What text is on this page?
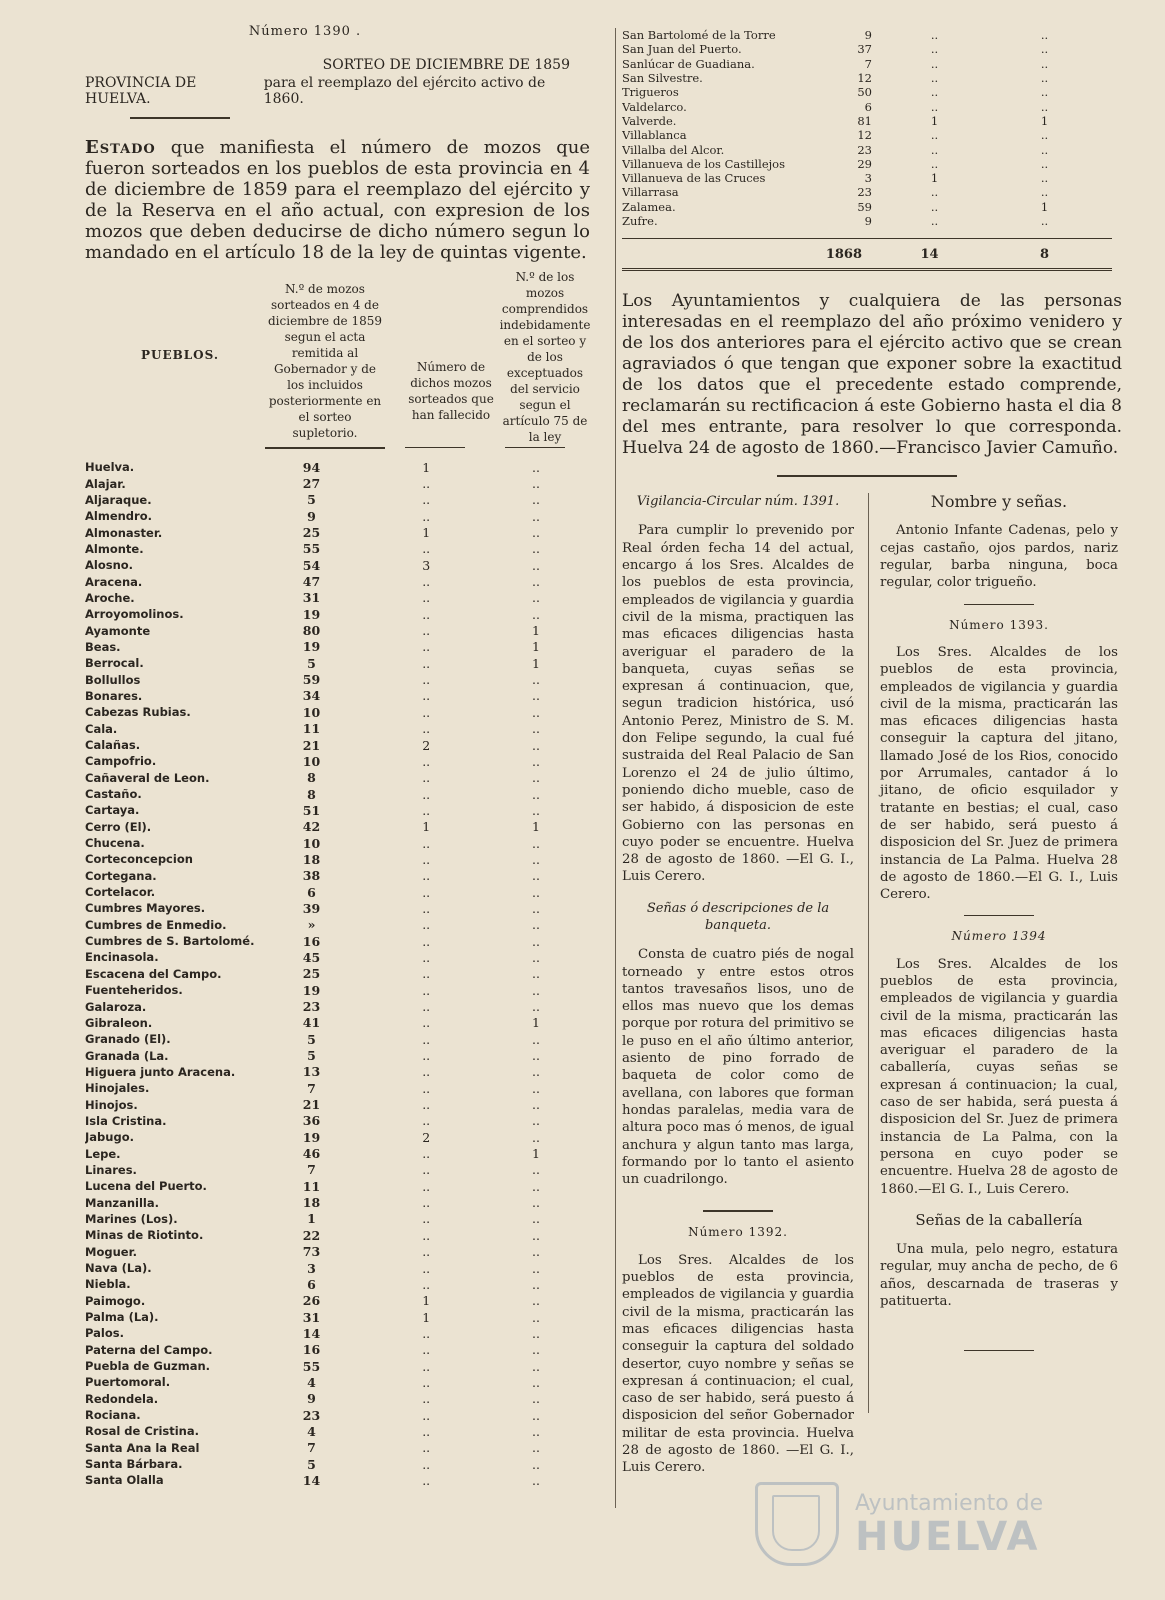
Número 1390 .
SORTEO DE DICIEMBRE DE 1859
PROVINCIA DE HUELVA.
para el reemplazo del ejército activo de 1860.
Estado que manifiesta el número de mozos que fueron sorteados en los pueblos de esta provincia en 4 de diciembre de 1859 para el reemplazo del ejército y de la Reserva en el año actual, con expresion de los mozos que deben deducirse de dicho número segun lo mandado en el artículo 18 de la ley de quintas vigente.
PUEBLOS.
N.º de mozos sorteados en 4 de diciembre de 1859 segun el acta remitida al Gobernador y de los incluidos posteriormente en el sorteo supletorio.
Número de dichos mozos sorteados que han fallecido
N.º de los mozos comprendidos indebidamente en el sorteo y de los exceptuados del servicio segun el artículo 75 de la ley
Huelva.	94	1	..
Alajar.	27	..	..
Aljaraque.	5	..	..
Almendro.	9	..	..
Almonaster.	25	1	..
Almonte.	55	..	..
Alosno.	54	3	..
Aracena.	47	..	..
Aroche.	31	..	..
Arroyomolinos.	19	..	..
Ayamonte	80	..	1
Beas.	19	..	1
Berrocal.	5	..	1
Bollullos	59	..	..
Bonares.	34	..	..
Cabezas Rubias.	10	..	..
Cala.	11	..	..
Calañas.	21	2	..
Campofrio.	10	..	..
Cañaveral de Leon.	8	..	..
Castaño.	8	..	..
Cartaya.	51	..	..
Cerro (El).	42	1	1
Chucena.	10	..	..
Corteconcepcion	18	..	..
Cortegana.	38	..	..
Cortelacor.	6	..	..
Cumbres Mayores.	39	..	..
Cumbres de Enmedio.	»	..	..
Cumbres de S. Bartolomé.	16	..	..
Encinasola.	45	..	..
Escacena del Campo.	25	..	..
Fuenteheridos.	19	..	..
Galaroza.	23	..	..
Gibraleon.	41	..	1
Granado (El).	5	..	..
Granada (La.	5	..	..
Higuera junto Aracena.	13	..	..
Hinojales.	7	..	..
Hinojos.	21	..	..
Isla Cristina.	36	..	..
Jabugo.	19	2	..
Lepe.	46	..	1
Linares.	7	..	..
Lucena del Puerto.	11	..	..
Manzanilla.	18	..	..
Marines (Los).	1	..	..
Minas de Riotinto.	22	..	..
Moguer.	73	..	..
Nava (La).	3	..	..
Niebla.	6	..	..
Paimogo.	26	1	..
Palma (La).	31	1	..
Palos.	14	..	..
Paterna del Campo.	16	..	..
Puebla de Guzman.	55	..	..
Puertomoral.	4	..	..
Redondela.	9	..	..
Rociana.	23	..	..
Rosal de Cristina.	4	..	..
Santa Ana la Real	7	..	..
Santa Bárbara.	5	..	..
Santa Olalla	14	..	..
San Bartolomé de la Torre	9	..	..
San Juan del Puerto.	37	..	..
Sanlúcar de Guadiana.	7	..	..
San Silvestre.	12	..	..
Trigueros	50	..	..
Valdelarco.	6	..	..
Valverde.	81	1	1
Villablanca	12	..	..
Villalba del Alcor.	23	..	..
Villanueva de los Castillejos	29	..	..
Villanueva de las Cruces	3	1	..
Villarrasa	23	..	..
Zalamea.	59	..	1
Zufre.	9	..	..
1868	14	8
Los Ayuntamientos y cualquiera de las personas interesadas en el reemplazo del año próximo venidero y de los dos anteriores para el ejército activo que se crean agraviados ó que tengan que exponer sobre la exactitud de los datos que el precedente estado comprende, reclamarán su rectificacion á este Gobierno hasta el dia 8 del mes entrante, para resolver lo que corresponda. Huelva 24 de agosto de 1860.—Francisco Javier Camuño.
Vigilancia-Circular núm. 1391.

Para cumplir lo prevenido por Real órden fecha 14 del actual, encargo á los Sres. Alcaldes de los pueblos de esta provincia, empleados de vigilancia y guardia civil de la misma, practiquen las mas eficaces diligencias hasta averiguar el paradero de la banqueta, cuyas señas se expresan á continuacion, que, segun tradicion histórica, usó Antonio Perez, Ministro de S. M. don Felipe segundo, la cual fué sustraida del Real Palacio de San Lorenzo el 24 de julio último, poniendo dicho mueble, caso de ser habido, á disposicion de este Gobierno con las personas en cuyo poder se encuentre. Huelva 28 de agosto de 1860. —El G. I., Luis Cerero.

Señas ó descripciones de la banqueta.

Consta de cuatro piés de nogal torneado y entre estos otros tantos travesaños lisos, uno de ellos mas nuevo que los demas porque por rotura del primitivo se le puso en el año último anterior, asiento de pino forrado de baqueta de color como de avellana, con labores que forman hondas paralelas, media vara de altura poco mas ó menos, de igual anchura y algun tanto mas larga, formando por lo tanto el asiento un cuadrilongo.

Número 1392.

Los Sres. Alcaldes de los pueblos de esta provincia, empleados de vigilancia y guardia civil de la misma, practicarán las mas eficaces diligencias hasta conseguir la captura del soldado desertor, cuyo nombre y señas se expresan á continuacion; el cual, caso de ser habido, será puesto á disposicion del señor Gobernador militar de esta provincia. Huelva 28 de agosto de 1860. —El G. I., Luis Cerero.

Nombre y señas.

Antonio Infante Cadenas, pelo y cejas castaño, ojos pardos, nariz regular, barba ninguna, boca regular, color trigueño.

Número 1393.

Los Sres. Alcaldes de los pueblos de esta provincia, empleados de vigilancia y guardia civil de la misma, practicarán las mas eficaces diligencias hasta conseguir la captura del jitano, llamado José de los Rios, conocido por Arrumales, cantador á lo jitano, de oficio esquilador y tratante en bestias; el cual, caso de ser habido, será puesto á disposicion del Sr. Juez de primera instancia de La Palma. Huelva 28 de agosto de 1860.—El G. I., Luis Cerero.

Número 1394

Los Sres. Alcaldes de los pueblos de esta provincia, empleados de vigilancia y guardia civil de la misma, practicarán las mas eficaces diligencias hasta averiguar el paradero de la caballería, cuyas señas se expresan á continuacion; la cual, caso de ser habida, será puesta á disposicion del Sr. Juez de primera instancia de La Palma, con la persona en cuyo poder se encuentre. Huelva 28 de agosto de 1860.—El G. I., Luis Cerero.

Señas de la caballería

Una mula, pelo negro, estatura regular, muy ancha de pecho, de 6 años, descarnada de traseras y patituerta.

Ayuntamiento de
HUELVA
